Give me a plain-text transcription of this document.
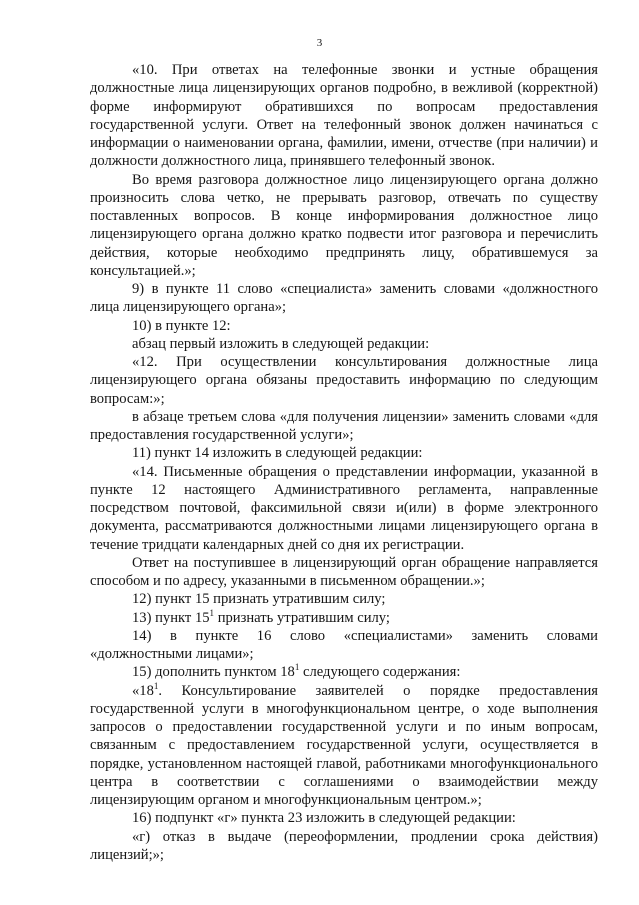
3

«10. При ответах на телефонные звонки и устные обращения должностные лица лицензирующих органов подробно, в вежливой (корректной) форме информируют обратившихся по вопросам предоставления государственной услуги. Ответ на телефонный звонок должен начинаться с информации о наименовании органа, фамилии, имени, отчестве (при наличии) и должности должностного лица, принявшего телефонный звонок.

Во время разговора должностное лицо лицензирующего органа должно произносить слова четко, не прерывать разговор, отвечать по существу поставленных вопросов. В конце информирования должностное лицо лицензирующего органа должно кратко подвести итог разговора и перечислить действия, которые необходимо предпринять лицу, обратившемуся за консультацией.»;

9) в пункте 11 слово «специалиста» заменить словами «должностного лица лицензирующего органа»;

10) в пункте 12:

абзац первый изложить в следующей редакции:

«12. При осуществлении консультирования должностные лица лицензирующего органа обязаны предоставить информацию по следующим вопросам:»;

в абзаце третьем слова «для получения лицензии» заменить словами «для предоставления государственной услуги»;

11) пункт 14 изложить в следующей редакции:

«14. Письменные обращения о представлении информации, указанной в пункте 12 настоящего Административного регламента, направленные посредством почтовой, факсимильной связи и(или) в форме электронного документа, рассматриваются должностными лицами лицензирующего органа в течение тридцати календарных дней со дня их регистрации.

Ответ на поступившее в лицензирующий орган обращение направляется способом и по адресу, указанными в письменном обращении.»;

12) пункт 15 признать утратившим силу;

13) пункт $15^1$ признать утратившим силу;

14) в пункте 16 слово «специалистами» заменить словами «должностными лицами»;

15) дополнить пунктом $18^1$ следующего содержания:

«$18^1$. Консультирование заявителей о порядке предоставления государственной услуги в многофункциональном центре, о ходе выполнения запросов о предоставлении государственной услуги и по иным вопросам, связанным с предоставлением государственной услуги, осуществляется в порядке, установленном настоящей главой, работниками многофункционального центра в соответствии с соглашениями о взаимодействии между лицензирующим органом и многофункциональным центром.»;

16) подпункт «г» пункта 23 изложить в следующей редакции:

«г) отказ в выдаче (переоформлении, продлении срока действия) лицензий;»;
